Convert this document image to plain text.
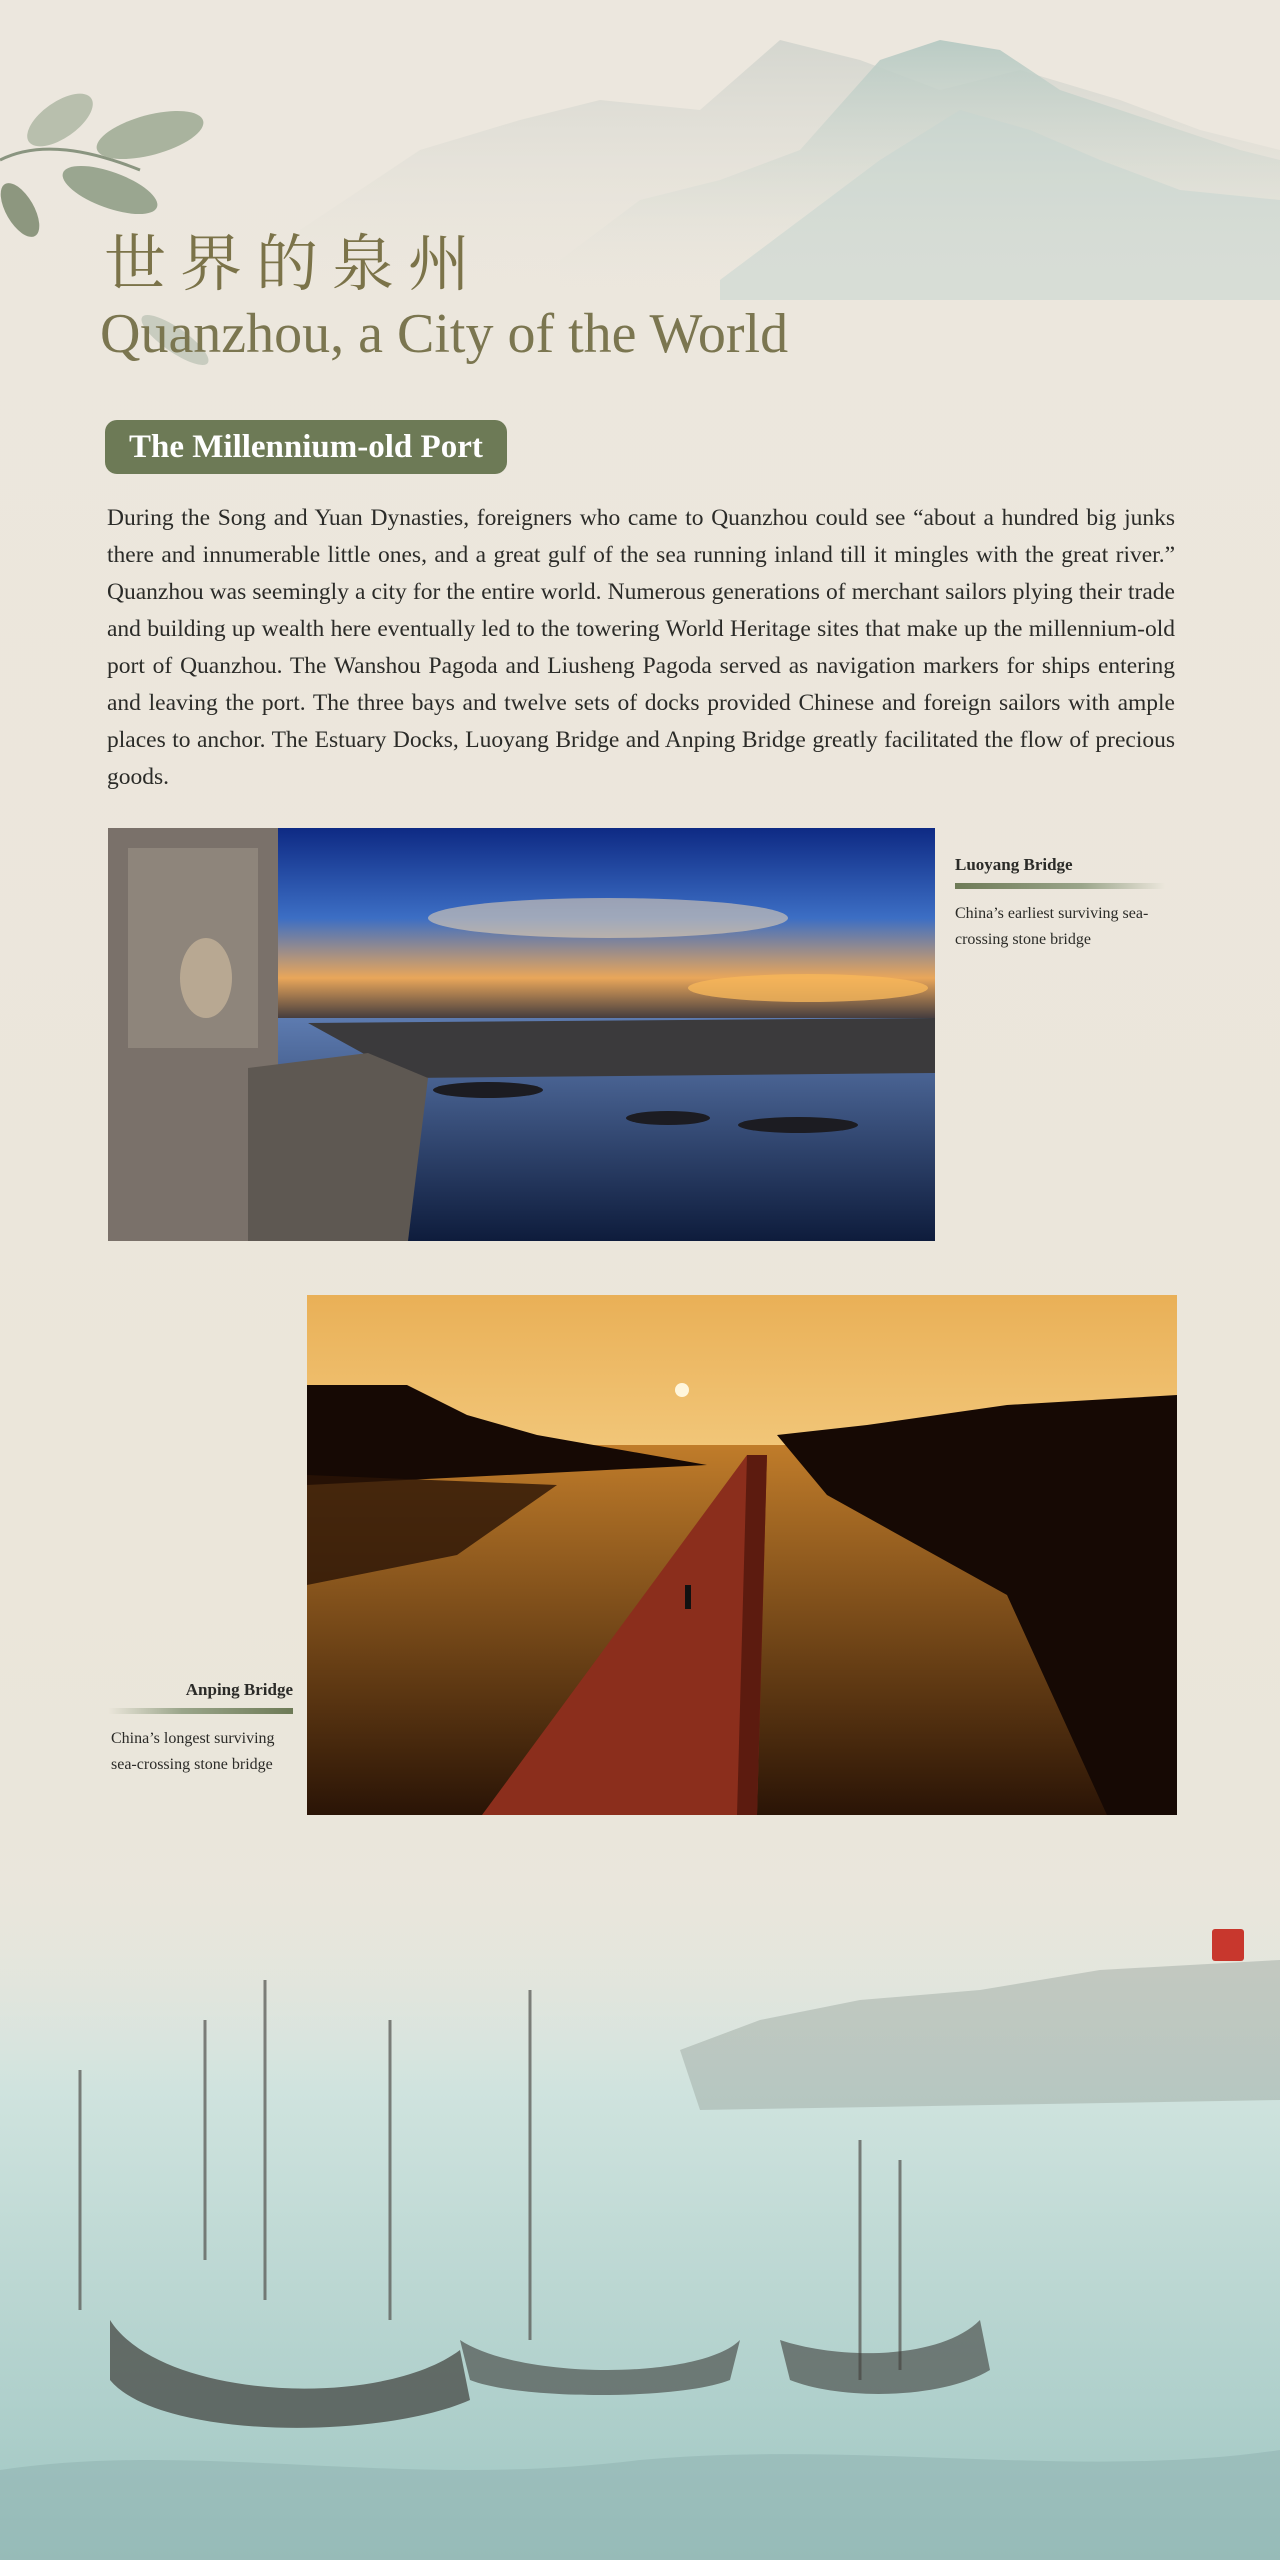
世界的泉州
Quanzhou, a City of the World
The Millennium-old Port

During the Song and Yuan Dynasties, foreigners who came to Quanzhou could see “about a hundred big junks there and innumerable little ones, and a great gulf of the sea running inland till it mingles with the great river.” Quanzhou was seemingly a city for the entire world. Numerous generations of merchant sailors plying their trade and building up wealth here eventually led to the towering World Heritage sites that make up the millennium-old port of Quanzhou. The Wanshou Pagoda and Liusheng Pagoda served as navigation markers for ships entering and leaving the port. The three bays and twelve sets of docks provided Chinese and foreign sailors with ample places to anchor. The Estuary Docks, Luoyang Bridge and Anping Bridge greatly facilitated the flow of precious goods.

Luoyang Bridge

China’s earliest surviving sea-crossing stone bridge

Anping Bridge

China’s longest surviving sea-crossing stone bridge
